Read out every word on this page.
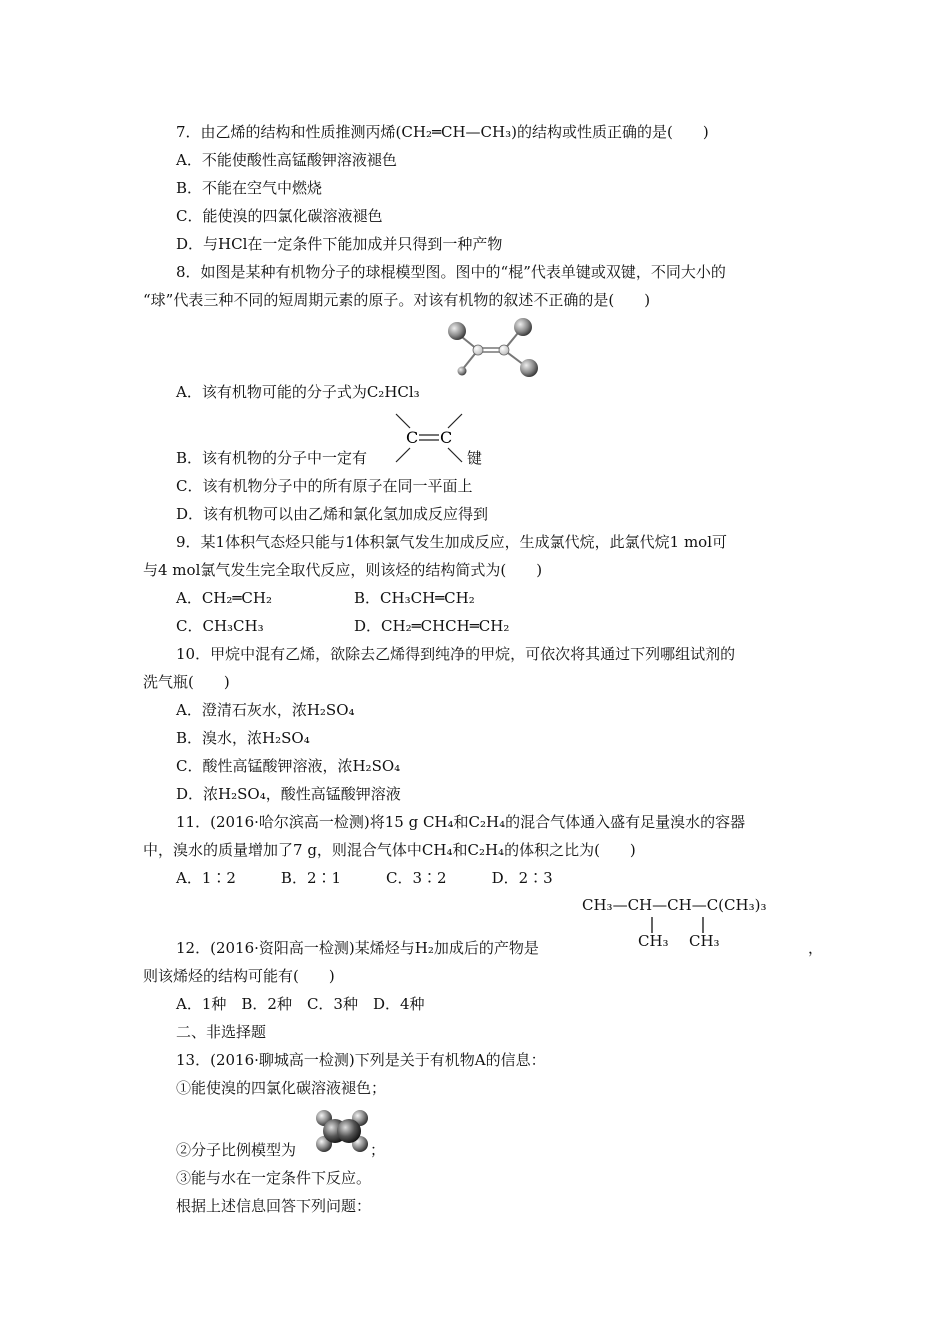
7．由乙烯的结构和性质推测丙烯(CH₂═CH—CH₃)的结构或性质正确的是(　　)
A．不能使酸性高锰酸钾溶液褪色
B．不能在空气中燃烧
C．能使溴的四氯化碳溶液褪色
D．与HCl在一定条件下能加成并只得到一种产物
8．如图是某种有机物分子的球棍模型图。图中的“棍”代表单键或双键，不同大小的
“球”代表三种不同的短周期元素的原子。对该有机物的叙述不正确的是(　　)
A．该有机物可能的分子式为C₂HCl₃
B．该有机物的分子中一定有
C C
键
C．该有机物分子中的所有原子在同一平面上
D．该有机物可以由乙烯和氯化氢加成反应得到
9．某1体积气态烃只能与1体积氯气发生加成反应，生成氯代烷，此氯代烷1 mol可
与4 mol氯气发生完全取代反应，则该烃的结构简式为(　　)
A．CH₂═CH₂	B．CH₃CH═CH₂
C．CH₃CH₃	D．CH₂═CHCH═CH₂
10．甲烷中混有乙烯，欲除去乙烯得到纯净的甲烷，可依次将其通过下列哪组试剂的
洗气瓶(　　)
A．澄清石灰水，浓H₂SO₄
B．溴水，浓H₂SO₄
C．酸性高锰酸钾溶液，浓H₂SO₄
D．浓H₂SO₄，酸性高锰酸钾溶液
11．(2016·哈尔滨高一检测)将15 g CH₄和C₂H₄的混合气体通入盛有足量溴水的容器
中，溴水的质量增加了7 g，则混合气体中CH₄和C₂H₄的体积之比为(　　)
A．1∶2　　　B．2∶1　　　C．3∶2　　　D．2∶3
CH₃—CH—CH—C(CH₃)₃
CH₃ CH₃
12．(2016·资阳高一检测)某烯烃与H₂加成后的产物是	，
则该烯烃的结构可能有(　　)
A．1种　B．2种　C．3种　D．4种
二、非选择题
13．(2016·聊城高一检测)下列是关于有机物A的信息：
①能使溴的四氯化碳溶液褪色；
②分子比例模型为	；
③能与水在一定条件下反应。
根据上述信息回答下列问题：
